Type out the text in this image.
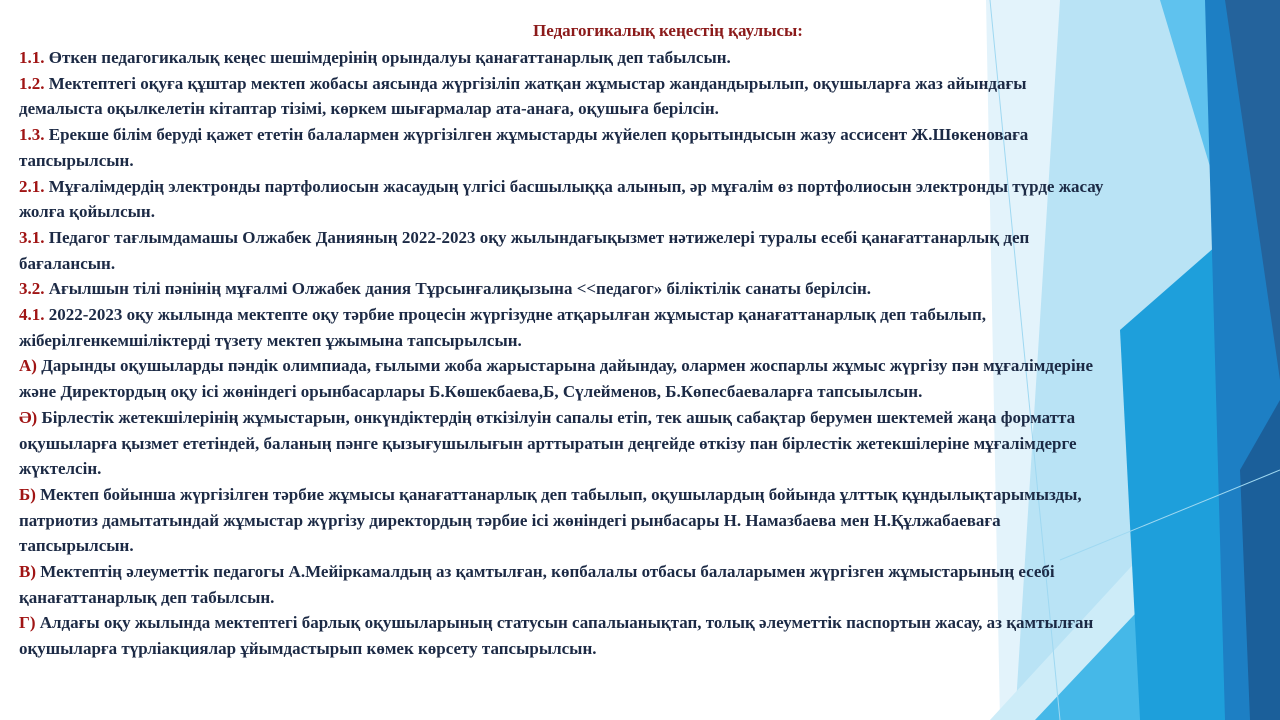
Педагогикалық кеңестің қаулысы:

1.1. Өткен педагогикалық кеңес шешімдерінің орындалуы қанағаттанарлық деп табылсын.

1.2. Мектептегі оқуға құштар мектеп жобасы аясында жүргізіліп жатқан жұмыстар жандандырылып, оқушыларға жаз айындағы демалыста оқылкелетін кітаптар тізімі, көркем шығармалар ата-анаға, оқушыға берілсін.

1.3. Ерекше білім беруді қажет ететін балалармен жүргізілген жұмыстарды жүйелеп қорытындысын жазу ассисент Ж.Шөкеноваға тапсырылсын.

2.1. Мұғалімдердің электронды партфолиосын жасаудың үлгісі басшылыққа алынып, әр мұғалім өз портфолиосын электронды түрде жасау жолға қойылсын.

3.1. Педагог тағлымдамашы Олжабек Данияның 2022-2023 оқу жылындағықызмет нәтижелері туралы есебі қанағаттанарлық деп бағалансын.

3.2. Ағылшын тілі пәнінің мұғалмі Олжабек дания Тұрсынғалиқызына <<педагог» біліктілік санаты берілсін.

4.1. 2022-2023 оқу жылында мектепте оқу тәрбие процесін жүргізудне атқарылған жұмыстар қанағаттанарлық деп табылып, жіберілгенкемшіліктерді түзету мектеп ұжымына тапсырылсын.

А) Дарынды оқушыларды пәндік олимпиада, ғылыми жоба жарыстарына дайындау, олармен жоспарлы жұмыс жүргізу пән мұғалімдеріне және Директордың оқу ісі жөніндегі орынбасарлары Б.Көшекбаева,Б, Сүлейменов, Б.Көпесбаеваларға тапсыылсын.

Ә) Бірлестік жетекшілерінің жұмыстарын, онкүндіктердің өткізілуін сапалы етіп, тек ашық сабақтар берумен шектемей жаңа форматта оқушыларға қызмет ететіндей, баланың пәнге қызығушылығын арттыратын деңгейде өткізу пан бірлестік жетекшілеріне мұғалімдерге жүктелсін.

Б) Мектеп бойынша жүргізілген тәрбие жұмысы қанағаттанарлық деп табылып, оқушылардың бойында ұлттық құндылықтарымызды, патриотиз дамытатындай жұмыстар жүргізу директордың тәрбие ісі жөніндегі рынбасары Н. Намазбаева мен Н.Құлжабаеваға тапсырылсын.

В) Мектептің әлеуметтік педагогы А.Мейіркамалдың аз қамтылған, көпбалалы отбасы балаларымен жүргізген жұмыстарының есебі қанағаттанарлық деп табылсын.

Г) Алдағы оқу жылында мектептегі барлық оқушыларының статусын сапалыанықтап, толық әлеуметтік паспортын жасау, аз қамтылған оқушыларға түрліакциялар ұйымдастырып көмек көрсету тапсырылсын.
